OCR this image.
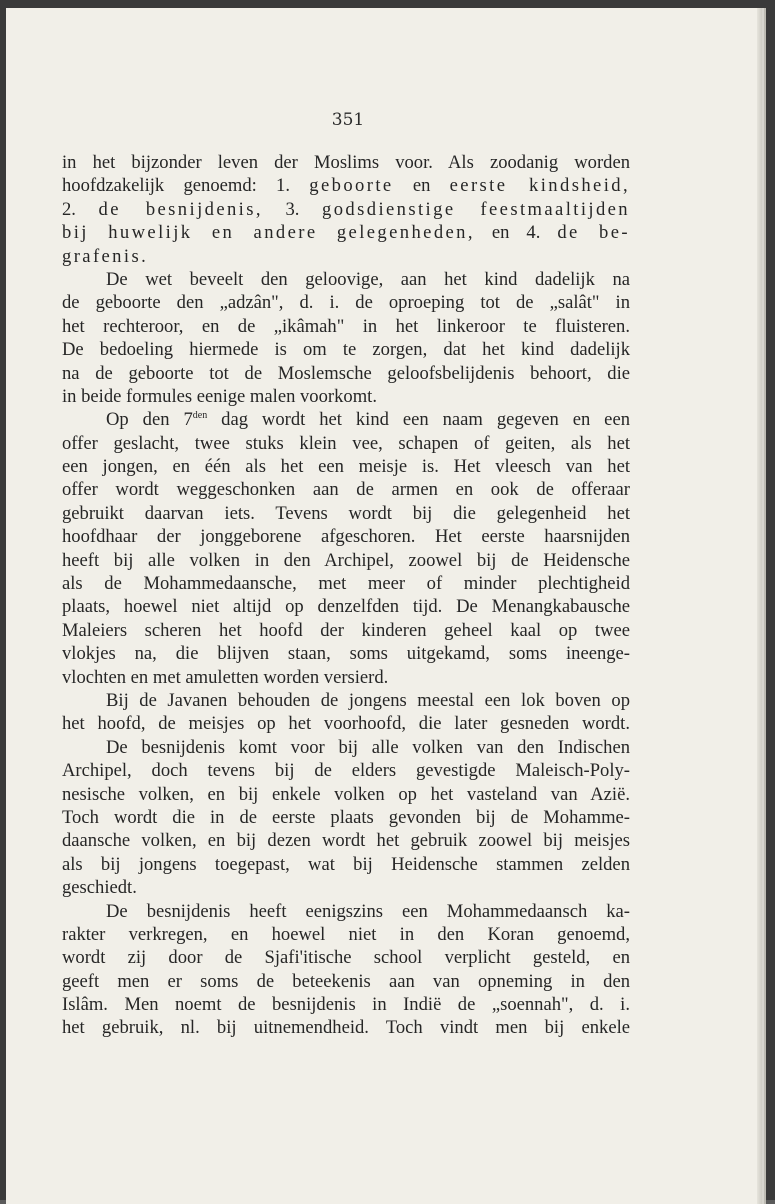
351
in het bijzonder leven der Moslims voor. Als zoodanig worden
hoofdzakelijk genoemd: 1. geboorte en eerste kindsheid,
2. de besnijdenis, 3. godsdienstige feestmaaltijden
bij huwelijk en andere gelegenheden, en 4. de be-
grafenis.
De wet beveelt den geloovige, aan het kind dadelijk na
de geboorte den „adzân", d. i. de oproeping tot de „salât" in
het rechteroor, en de „ikâmah" in het linkeroor te fluisteren.
De bedoeling hiermede is om te zorgen, dat het kind dadelijk
na de geboorte tot de Moslemsche geloofsbelijdenis behoort, die
in beide formules eenige malen voorkomt.
Op den $7^{den}$ dag wordt het kind een naam gegeven en een
offer geslacht, twee stuks klein vee, schapen of geiten, als het
een jongen, en één als het een meisje is. Het vleesch van het
offer wordt weggeschonken aan de armen en ook de offeraar
gebruikt daarvan iets. Tevens wordt bij die gelegenheid het
hoofdhaar der jonggeborene afgeschoren. Het eerste haarsnijden
heeft bij alle volken in den Archipel, zoowel bij de Heidensche
als de Mohammedaansche, met meer of minder plechtigheid
plaats, hoewel niet altijd op denzelfden tijd. De Menangkabausche
Maleiers scheren het hoofd der kinderen geheel kaal op twee
vlokjes na, die blijven staan, soms uitgekamd, soms ineenge-
vlochten en met amuletten worden versierd.
Bij de Javanen behouden de jongens meestal een lok boven op
het hoofd, de meisjes op het voorhoofd, die later gesneden wordt.
De besnijdenis komt voor bij alle volken van den Indischen
Archipel, doch tevens bij de elders gevestigde Maleisch-Poly-
nesische volken, en bij enkele volken op het vasteland van Azië.
Toch wordt die in de eerste plaats gevonden bij de Mohamme-
daansche volken, en bij dezen wordt het gebruik zoowel bij meisjes
als bij jongens toegepast, wat bij Heidensche stammen zelden
geschiedt.
De besnijdenis heeft eenigszins een Mohammedaansch ka-
rakter verkregen, en hoewel niet in den Koran genoemd,
wordt zij door de Sjafi'itische school verplicht gesteld, en
geeft men er soms de beteekenis aan van opneming in den
Islâm. Men noemt de besnijdenis in Indië de „soennah", d. i.
het gebruik, nl. bij uitnemendheid. Toch vindt men bij enkele
